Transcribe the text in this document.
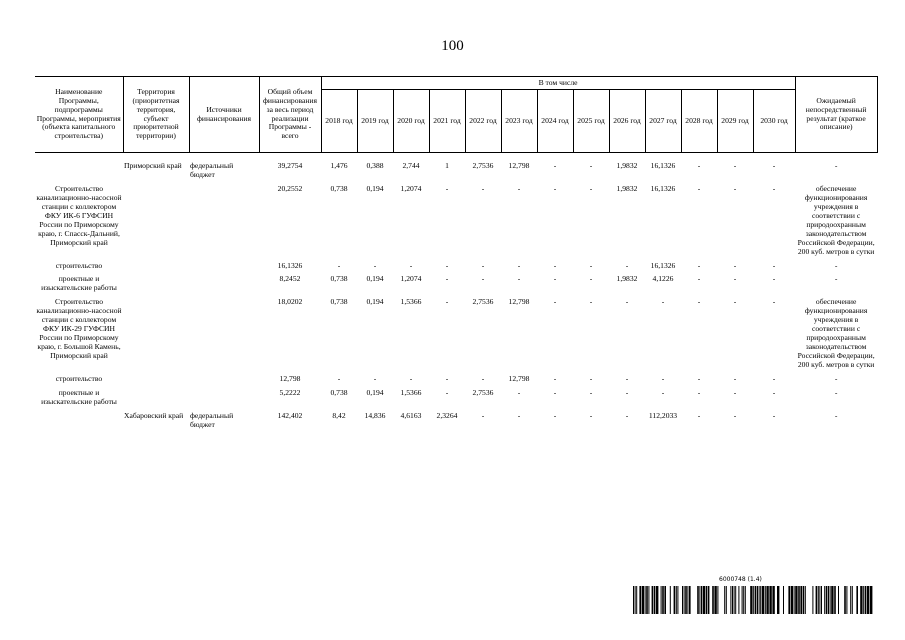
100
Наименование Программы, подпрограммы Программы, мероприятия (объекта капитального строительства)	Территория (приоритетная территория, субъект приоритетной территории)	Источники финансирования	Общий объем финансирования за весь период реализации Программы - всего	В том числе													Ожидаемый непосредственный результат (краткое описание)
				2018 год	2019 год	2020 год	2021 год	2022 год	2023 год	2024 год	2025 год	2026 год	2027 год	2028 год	2029 год	2030 год	

	Приморский край	федеральный бюджет	39,2754	1,476	0,388	2,744	1	2,7536	12,798	-	-	1,9832	16,1326	-	-	-	-
Строительство канализационно-насосной станции с коллектором ФКУ ИК-6 ГУФСИН России по Приморскому краю, г. Спасск-Дальний, Приморский край			20,2552	0,738	0,194	1,2074	-	-	-	-	-	1,9832	16,1326	-	-	-	обеспечение функционирования учреждения в соответствии с природоохранным законодательством Российской Федерации, 200 куб. метров в сутки
строительство			16,1326	-	-	-	-	-	-	-	-	-	16,1326	-	-	-	-
проектные и изыскательские работы			8,2452	0,738	0,194	1,2074	-	-	-	-	-	1,9832	4,1226	-	-	-	-
Строительство канализационно-насосной станции с коллектором ФКУ ИК-29 ГУФСИН России по Приморскому краю, г. Большой Камень, Приморский край			18,0202	0,738	0,194	1,5366	-	2,7536	12,798	-	-	-	-	-	-	-	обеспечение функционирования учреждения в соответствии с природоохранным законодательством Российской Федерации, 200 куб. метров в сутки
строительство			12,798	-	-	-	-	-	12,798	-	-	-	-	-	-	-	-
проектные и изыскательские работы			5,2222	0,738	0,194	1,5366	-	2,7536	-	-	-	-	-	-	-	-	-
	Хабаровский край	федеральный бюджет	142,402	8,42	14,836	4,6163	2,3264	-	-	-	-	-	112,2033	-	-	-	-
6000748 (1.4)
